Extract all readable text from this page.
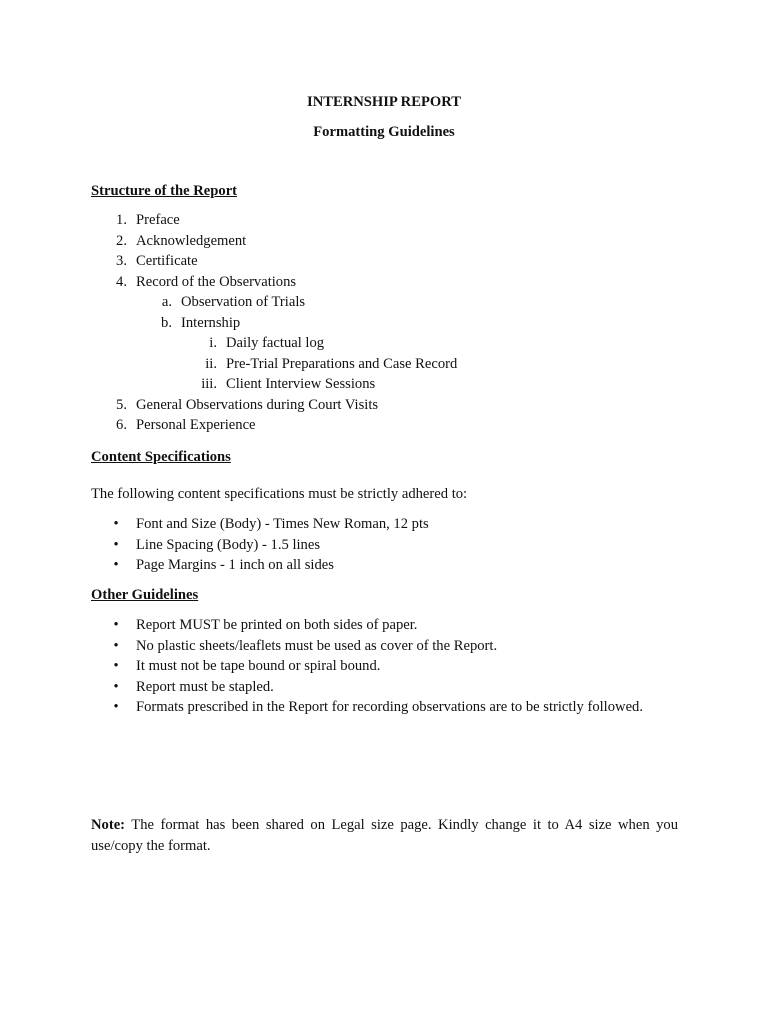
INTERNSHIP REPORT
Formatting Guidelines
Structure of the Report
1. Preface
2. Acknowledgement
3. Certificate
4. Record of the Observations
a. Observation of Trials
b. Internship
i. Daily factual log
ii. Pre-Trial Preparations and Case Record
iii. Client Interview Sessions
5. General Observations during Court Visits
6. Personal Experience
Content Specifications
The following content specifications must be strictly adhered to:
• Font and Size (Body) - Times New Roman, 12 pts
• Line Spacing (Body) - 1.5 lines
• Page Margins - 1 inch on all sides
Other Guidelines
• Report MUST be printed on both sides of paper.
• No plastic sheets/leaflets must be used as cover of the Report.
• It must not be tape bound or spiral bound.
• Report must be stapled.
• Formats prescribed in the Report for recording observations are to be strictly followed.
Note: The format has been shared on Legal size page. Kindly change it to A4 size when you use/copy the format.
